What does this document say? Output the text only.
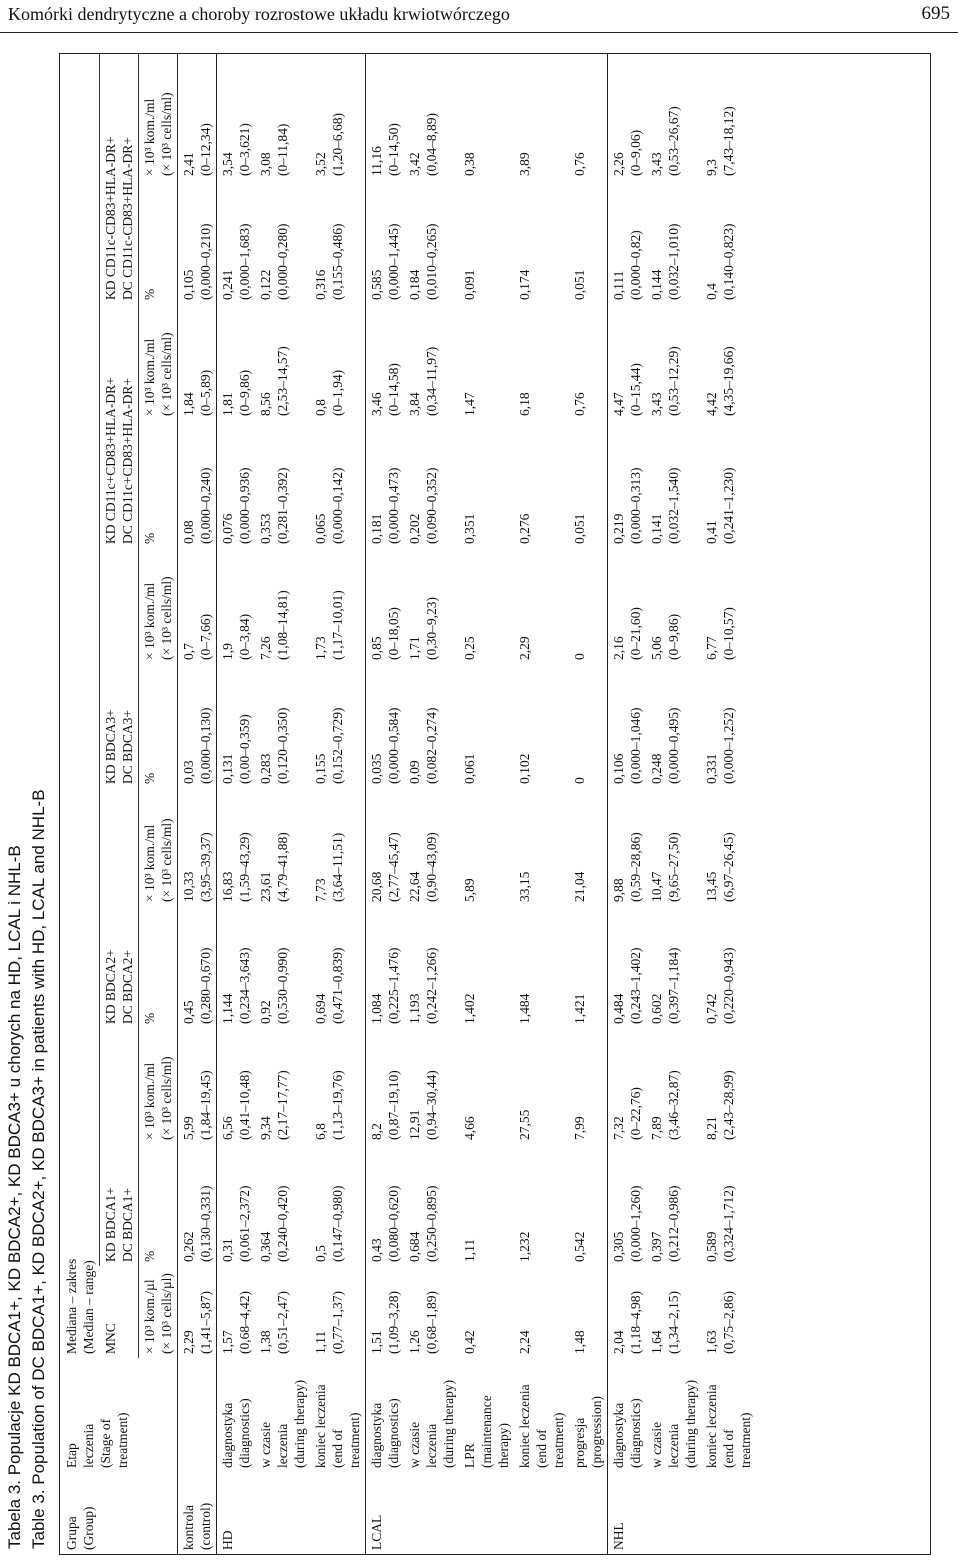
Komórki dendrytyczne a choroby rozrostowe układu krwiotwórczego	695
Tabela 3. Populacje KD BDCA1+, KD BDCA2+, KD BDCA3+ u chorych na HD, LCAL i NHL-B Table 3. Population of DC BDCA1+, KD BDCA2+, KD BDCA3+ in patients with HD, LCAL and NHL-B Grupa (Group)	Etap leczenia (Stage of treatment)	Mediana – zakres (Median – range)										
		MNC	KD BDCA1+ DC BDCA1+		KD BDCA2+ DC BDCA2+		KD BDCA3+ DC BDCA3+		KD CD11c+CD83+HLA-DR+ DC CD11c+CD83+HLA-DR+		KD CD11c-CD83+HLA-DR+ DC CD11c-CD83+HLA-DR+	
		× 10³ kom./µl (× 10³ cells/µl)	%	× 10³ kom./ml (× 10³ cells/ml)	%	× 10³ kom./ml (× 10³ cells/ml)	%	× 10³ kom./ml (× 10³ cells/ml)	%	× 10³ kom./ml (× 10³ cells/ml)	%	× 10³ kom./ml (× 10³ cells/ml)
kontrola (control)		2,29 (1,41–5,87)	0,262 (0,130–0,331)	5,99 (1,84–19,45)	0,45 (0,280–0,670)	10,33 (3,95–39,37)	0,03 (0,000–0,130)	0,7 (0–7,66)	0,08 (0,000–0,240)	1,84 (0–5,89)	0,105 (0,000–0,210)	2,41 (0–12,34)
HD	diagnostyka (diagnostics)	1,57 (0,68–4,42)	0,31 (0,061–2,372)	6,56 (0,41–10,48)	1,144 (0,234–3,643)	16,83 (1,59–43,29)	0,131 (0,00–0,359)	1,9 (0–3,84)	0,076 (0,000–0,936)	1,81 (0–9,86)	0,241 (0,000–1,683)	3,54 (0–3,621)
	w czasie leczenia (during therapy)	1,38 (0,51–2,47)	0,364 (0,240–0,420)	9,34 (2,17–17,77)	0,92 (0,530–0,990)	23,61 (4,79–41,88)	0,283 (0,120–0,350)	7,26 (1,08–14,81)	0,353 (0,281–0,392)	8,56 (2,53–14,57)	0,122 (0,000–0,280)	3,08 (0–11,84)
	koniec leczenia (end of treatment)	1,11 (0,77–1,37)	0,5 (0,147–0,980)	6,8 (1,13–19,76)	0,694 (0,471–0,839)	7,73 (3,64–11,51)	0,155 (0,152–0,729)	1,73 (1,17–10,01)	0,065 (0,000–0,142)	0,8 (0–1,94)	0,316 (0,155–0,486)	3,52 (1,20–6,68)
LCAL	diagnostyka (diagnostics)	1,51 (1,09–3,28)	0,43 (0,080–0,620)	8,2 (0,87–19,10)	1,084 (0,225–1,476)	20,68 (2,77–45,47)	0,035 (0,000–0,584)	0,85 (0–18,05)	0,181 (0,000–0,473)	3,46 (0–14,58)	0,585 (0,000–1,445)	11,16 (0–14,50)
	w czasie leczenia (during therapy)	1,26 (0,68–1,89)	0,684 (0,250–0,895)	12,91 (0,94–30,44)	1,193 (0,242–1,266)	22,64 (0,90–43,09)	0,09 (0,082–0,274)	1,71 (0,30–9,23)	0,202 (0,090–0,352)	3,84 (0,34–11,97)	0,184 (0,010–0,265)	3,42 (0,04–8,89)
	LPR (maintenance therapy)	0,42	1,11	4,66	1,402	5,89	0,061	0,25	0,351	1,47	0,091	0,38
	koniec leczenia (end of treatment)	2,24	1,232	27,55	1,484	33,15	0,102	2,29	0,276	6,18	0,174	3,89
	progresja (progression)	1,48	0,542	7,99	1,421	21,04	0	0	0,051	0,76	0,051	0,76
NHL	diagnostyka (diagnostics)	2,04 (1,18–4,98)	0,305 (0,000–1,260)	7,32 (0–22,76)	0,484 (0,243–1,402)	9,88 (0,59–28,86)	0,106 (0,000–1,046)	2,16 (0–21,60)	0,219 (0,000–0,313)	4,47 (0–15,44)	0,111 (0,000–0,82)	2,26 (0–9,06)
	w czasie leczenia (during therapy)	1,64 (1,34–2,15)	0,397 (0,212–0,986)	7,89 (3,46–32,87)	0,602 (0,397–1,184)	10,47 (9,65–27,50)	0,248 (0,000–0,495)	5,06 (0–9,86)	0,141 (0,032–1,540)	3,43 (0,53–12,29)	0,144 (0,032–1,010)	3,43 (0,53–26,67)
	koniec leczenia (end of treatment)	1,63 (0,75–2,86)	0,589 (0,324–1,712)	8,21 (2,43–28,99)	0,742 (0,220–0,943)	13,45 (6,97–26,45)	0,331 (0,000–1,252)	6,77 (0–10,57)	0,41 (0,241–1,230)	4,42 (4,35–19,66)	0,4 (0,140–0,823)	9,3 (7,43–18,12)
